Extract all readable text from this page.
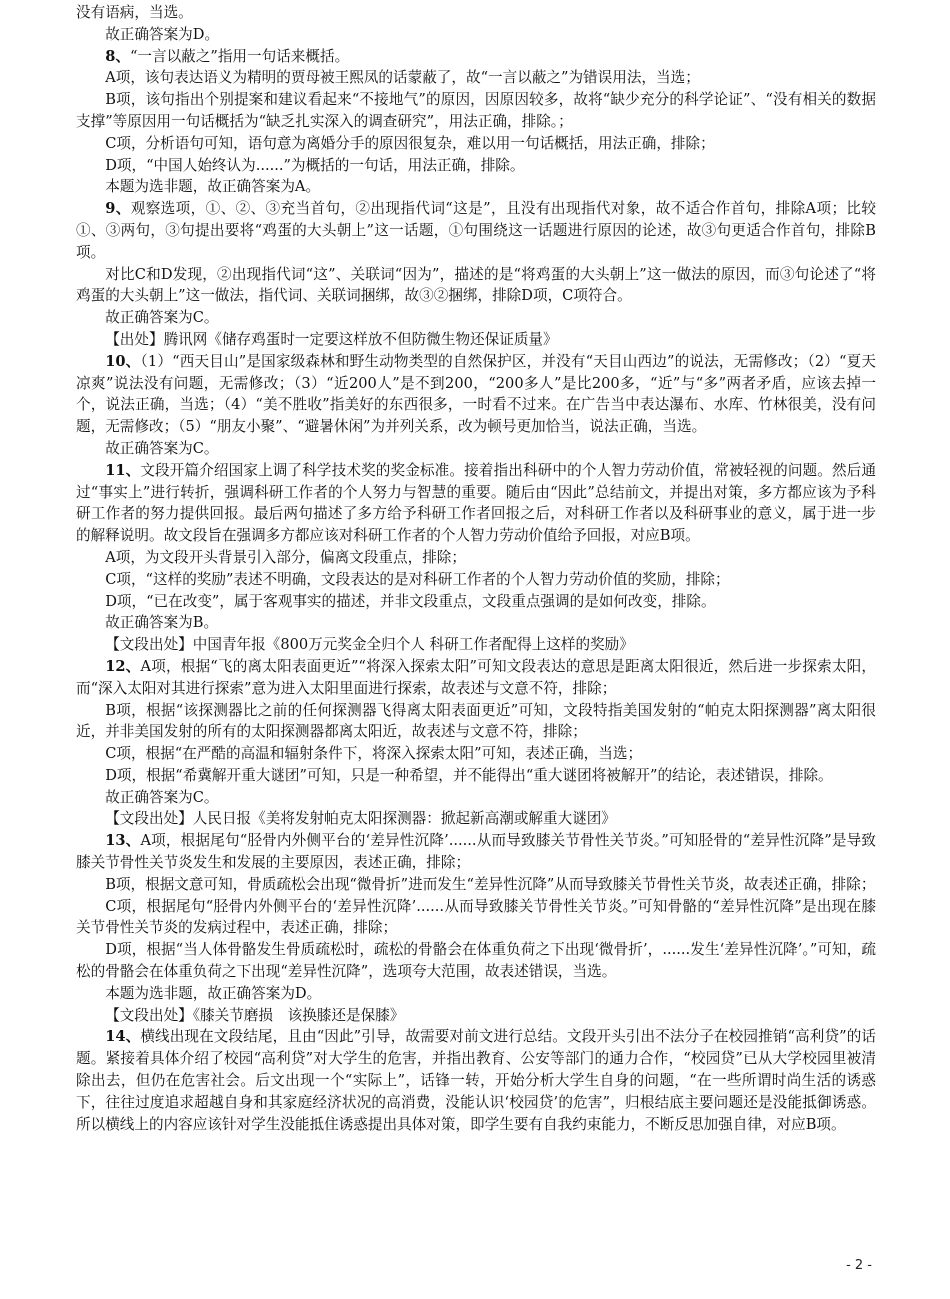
没有语病，当选。

故正确答案为D。

8、“一言以蔽之”指用一句话来概括。

A项，该句表达语义为精明的贾母被王熙凤的话蒙蔽了，故“一言以蔽之”为错误用法，当选；

B项，该句指出个别提案和建议看起来“不接地气”的原因，因原因较多，故将“缺少充分的科学论证”、“没有相关的数据支撑”等原因用一句话概括为“缺乏扎实深入的调查研究”，用法正确，排除。；

C项，分析语句可知，语句意为离婚分手的原因很复杂，难以用一句话概括，用法正确，排除；

D项，“中国人始终认为......”为概括的一句话，用法正确，排除。

本题为选非题，故正确答案为A。

9、观察选项，①、②、③充当首句，②出现指代词“这是”，且没有出现指代对象，故不适合作首句，排除A项；比较①、③两句，③句提出要将“鸡蛋的大头朝上”这一话题，①句围绕这一话题进行原因的论述，故③句更适合作首句，排除B项。

对比C和D发现，②出现指代词“这”、关联词“因为”，描述的是“将鸡蛋的大头朝上”这一做法的原因，而③句论述了“将鸡蛋的大头朝上”这一做法，指代词、关联词捆绑，故③②捆绑，排除D项，C项符合。

故正确答案为C。

【出处】腾讯网《储存鸡蛋时一定要这样放不但防微生物还保证质量》

10、（1）“西天目山”是国家级森林和野生动物类型的自然保护区，并没有“天目山西边”的说法，无需修改；（2）“夏天凉爽”说法没有问题，无需修改；（3）“近200人”是不到200，“200多人”是比200多，“近”与“多”两者矛盾，应该去掉一个，说法正确，当选；（4）“美不胜收”指美好的东西很多，一时看不过来。在广告当中表达瀑布、水库、竹林很美，没有问题，无需修改；（5）“朋友小聚”、“避暑休闲”为并列关系，改为顿号更加恰当，说法正确，当选。

故正确答案为C。

11、文段开篇介绍国家上调了科学技术奖的奖金标准。接着指出科研中的个人智力劳动价值，常被轻视的问题。然后通过“事实上”进行转折，强调科研工作者的个人努力与智慧的重要。随后由“因此”总结前文，并提出对策，多方都应该为予科研工作者的努力提供回报。最后两句描述了多方给予科研工作者回报之后，对科研工作者以及科研事业的意义，属于进一步的解释说明。故文段旨在强调多方都应该对科研工作者的个人智力劳动价值给予回报，对应B项。

A项，为文段开头背景引入部分，偏离文段重点，排除；

C项，“这样的奖励”表述不明确，文段表达的是对科研工作者的个人智力劳动价值的奖励，排除；

D项，“已在改变”，属于客观事实的描述，并非文段重点，文段重点强调的是如何改变，排除。

故正确答案为B。

【文段出处】中国青年报《800万元奖金全归个人 科研工作者配得上这样的奖励》

12、A项，根据“飞的离太阳表面更近”“将深入探索太阳”可知文段表达的意思是距离太阳很近，然后进一步探索太阳，而“深入太阳对其进行探索”意为进入太阳里面进行探索，故表述与文意不符，排除；

B项，根据“该探测器比之前的任何探测器飞得离太阳表面更近”可知，文段特指美国发射的“帕克太阳探测器”离太阳很近，并非美国发射的所有的太阳探测器都离太阳近，故表述与文意不符，排除；

C项，根据“在严酷的高温和辐射条件下，将深入探索太阳”可知，表述正确，当选；

D项，根据“希冀解开重大谜团”可知，只是一种希望，并不能得出“重大谜团将被解开”的结论，表述错误，排除。

故正确答案为C。

【文段出处】人民日报《美将发射帕克太阳探测器：掀起新高潮或解重大谜团》

13、A项，根据尾句“胫骨内外侧平台的‘差异性沉降’......从而导致膝关节骨性关节炎。”可知胫骨的“差异性沉降”是导致膝关节骨性关节炎发生和发展的主要原因，表述正确，排除；

B项，根据文意可知，骨质疏松会出现“微骨折”进而发生“差异性沉降”从而导致膝关节骨性关节炎，故表述正确，排除；

C项，根据尾句“胫骨内外侧平台的‘差异性沉降’......从而导致膝关节骨性关节炎。”可知骨骼的“差异性沉降”是出现在膝关节骨性关节炎的发病过程中，表述正确，排除；

D项，根据“当人体骨骼发生骨质疏松时，疏松的骨骼会在体重负荷之下出现‘微骨折’，......发生‘差异性沉降’。”可知，疏松的骨骼会在体重负荷之下出现“差异性沉降”，选项夸大范围，故表述错误，当选。

本题为选非题，故正确答案为D。

【文段出处】《膝关节磨损　该换膝还是保膝》

14、横线出现在文段结尾，且由“因此”引导，故需要对前文进行总结。文段开头引出不法分子在校园推销“高利贷”的话题。紧接着具体介绍了校园“高利贷”对大学生的危害，并指出教育、公安等部门的通力合作，“校园贷”已从大学校园里被清除出去，但仍在危害社会。后文出现一个“实际上”，话锋一转，开始分析大学生自身的问题，“在一些所谓时尚生活的诱惑下，往往过度追求超越自身和其家庭经济状况的高消费，没能认识‘校园贷’的危害”，归根结底主要问题还是没能抵御诱惑。所以横线上的内容应该针对学生没能抵住诱惑提出具体对策，即学生要有自我约束能力，不断反思加强自律，对应B项。

- 2 -
